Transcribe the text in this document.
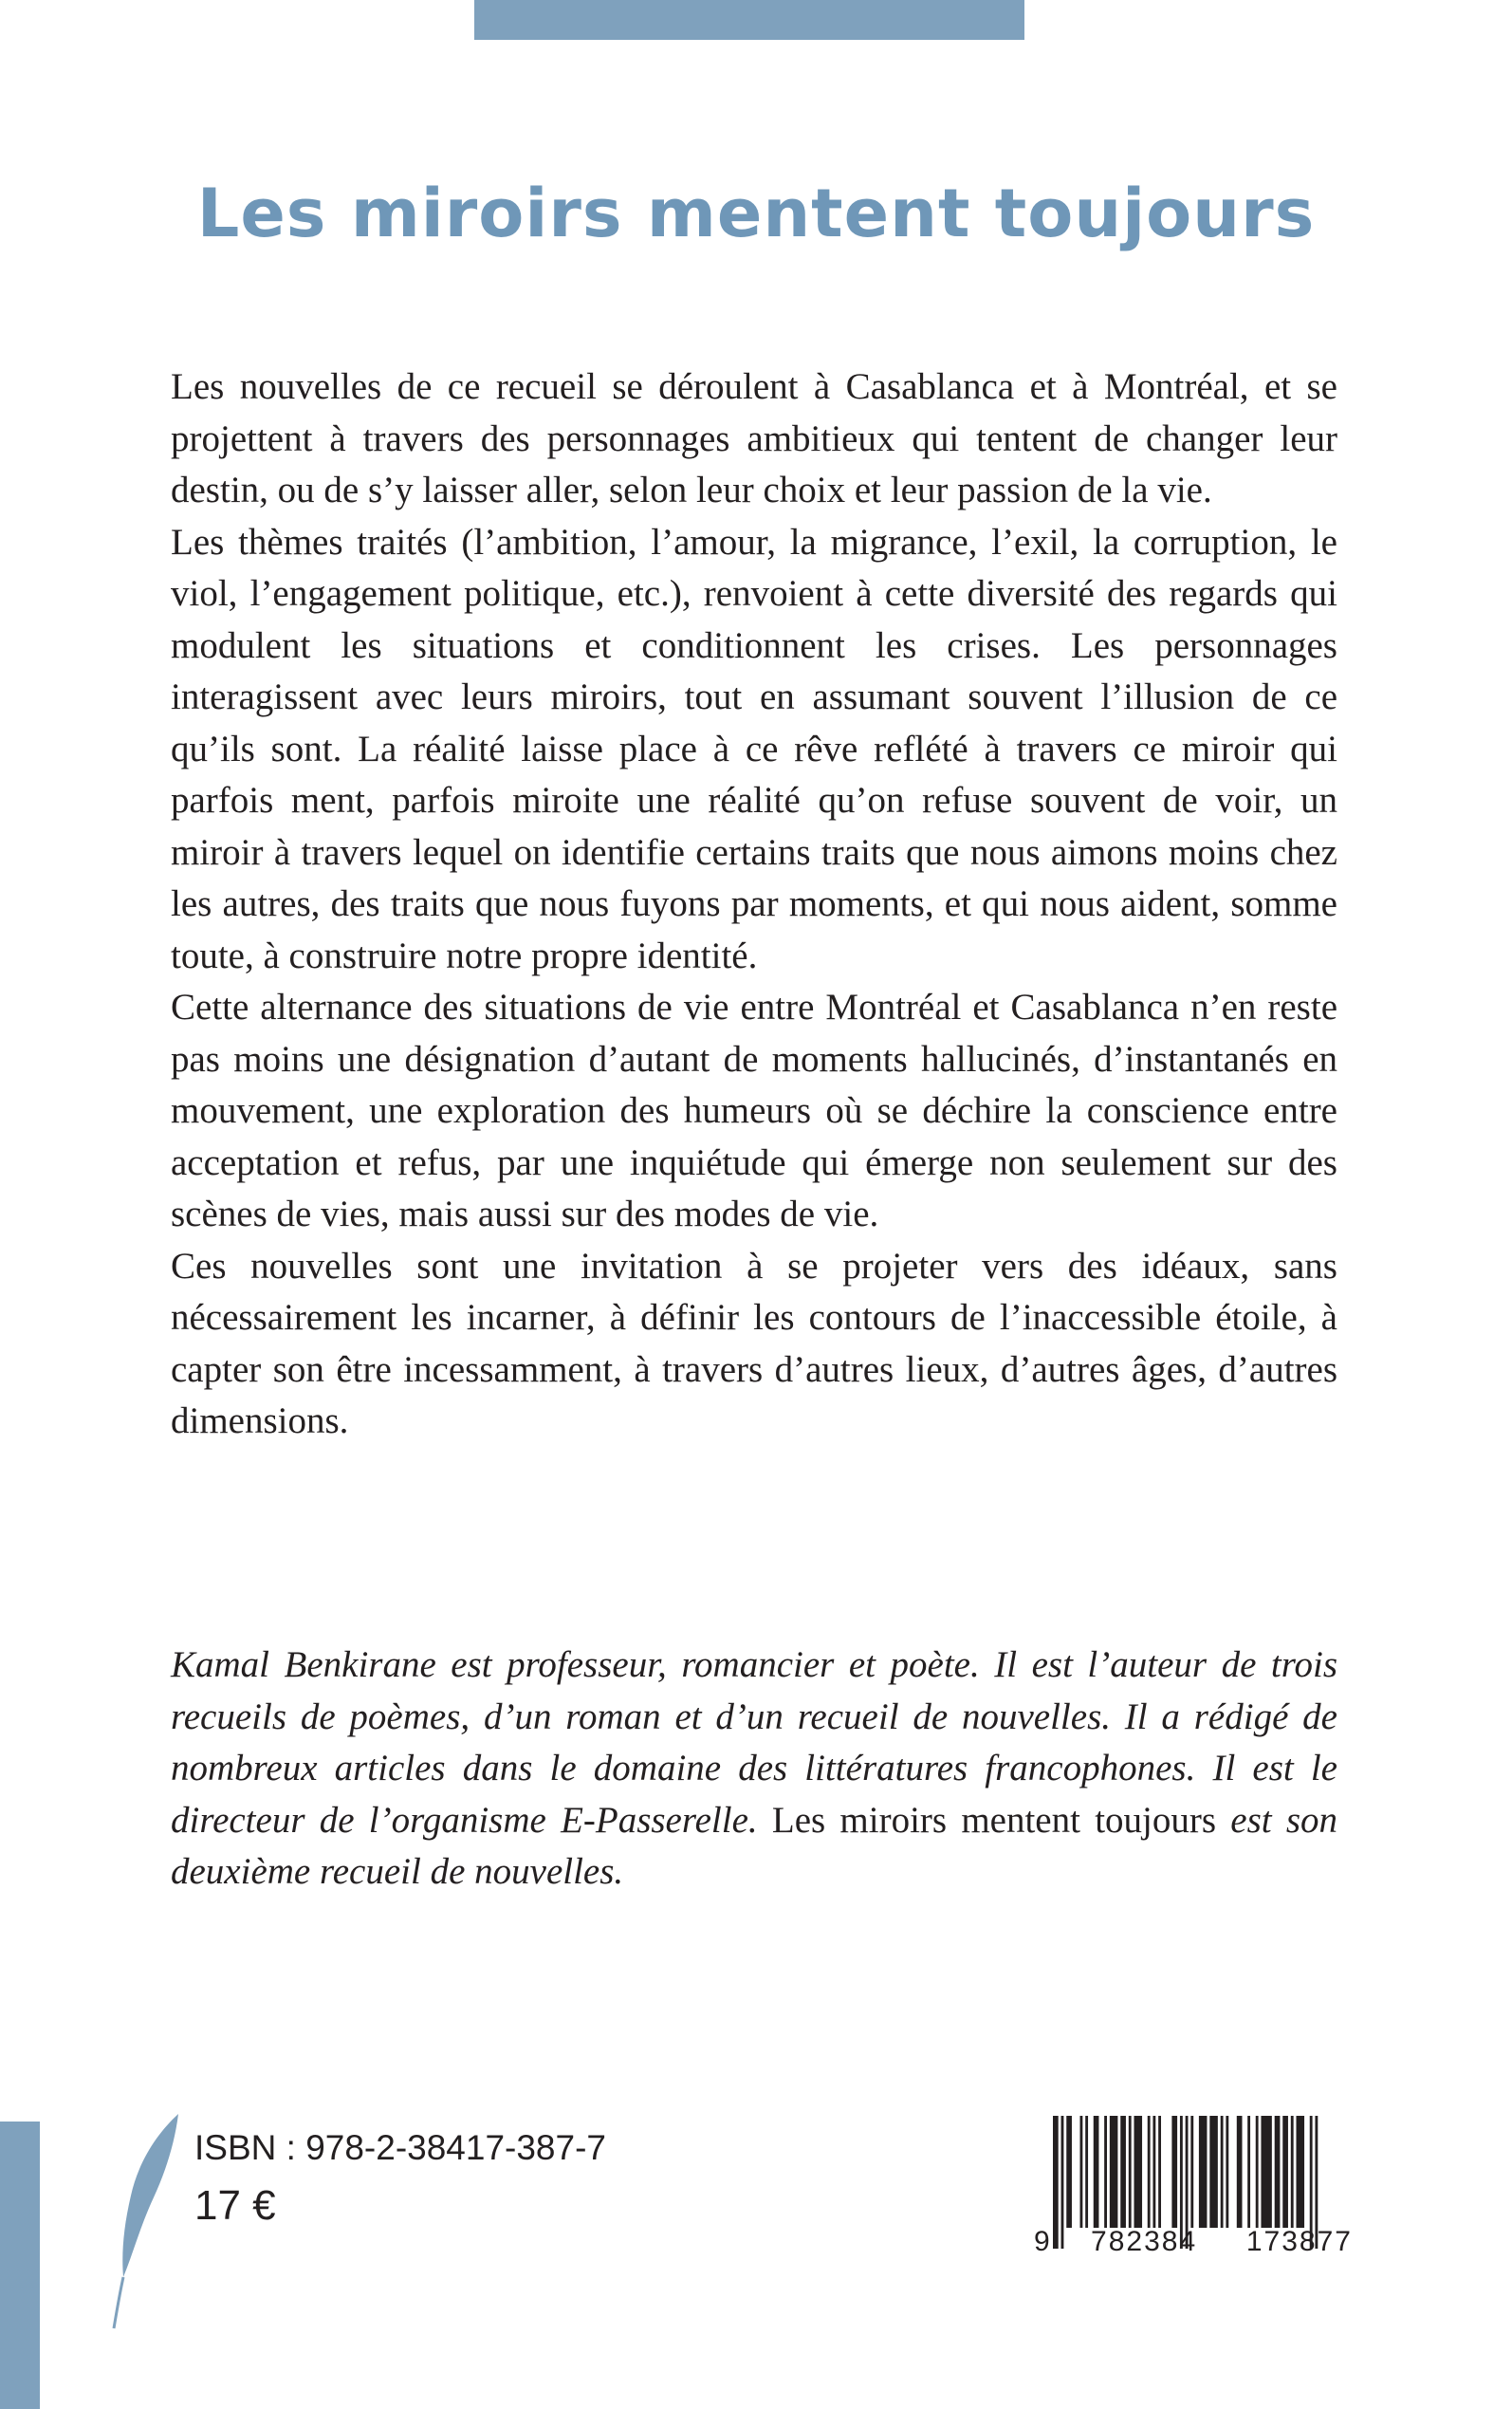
Les miroirs mentent toujours

Les nouvelles de ce recueil se déroulent à Casablanca et à Montréal, et se projettent à travers des personnages ambitieux qui tentent de changer leur destin, ou de s’y laisser aller, selon leur choix et leur passion de la vie.

Les thèmes traités (l’ambition, l’amour, la migrance, l’exil, la corruption, le viol, l’engagement politique, etc.), renvoient à cette diversité des regards qui modulent les situations et conditionnent les crises. Les personnages interagissent avec leurs miroirs, tout en assumant souvent l’illusion de ce qu’ils sont. La réalité laisse place à ce rêve reflété à travers ce miroir qui parfois ment, parfois miroite une réalité qu’on refuse souvent de voir, un miroir à travers lequel on identifie certains traits que nous aimons moins chez les autres, des traits que nous fuyons par moments, et qui nous aident, somme toute, à construire notre propre identité.

Cette alternance des situations de vie entre Montréal et Casablanca n’en reste pas moins une désignation d’autant de moments hallucinés, d’instantanés en mouvement, une exploration des humeurs où se déchire la conscience entre acceptation et refus, par une inquiétude qui émerge non seulement sur des scènes de vies, mais aussi sur des modes de vie.

Ces nouvelles sont une invitation à se projeter vers des idéaux, sans nécessairement les incarner, à définir les contours de l’inaccessible étoile, à capter son être incessamment, à travers d’autres lieux, d’autres âges, d’autres dimensions.

Kamal Benkirane est professeur, romancier et poète. Il est l’auteur de trois recueils de poèmes, d’un roman et d’un recueil de nouvelles. Il a rédigé de nombreux articles dans le domaine des littératures francophones. Il est le directeur de l’organisme E-Passerelle. Les miroirs mentent toujours est son deuxième recueil de nouvelles.

ISBN : 978-2-38417-387-7
17 €
9 782384 173877
